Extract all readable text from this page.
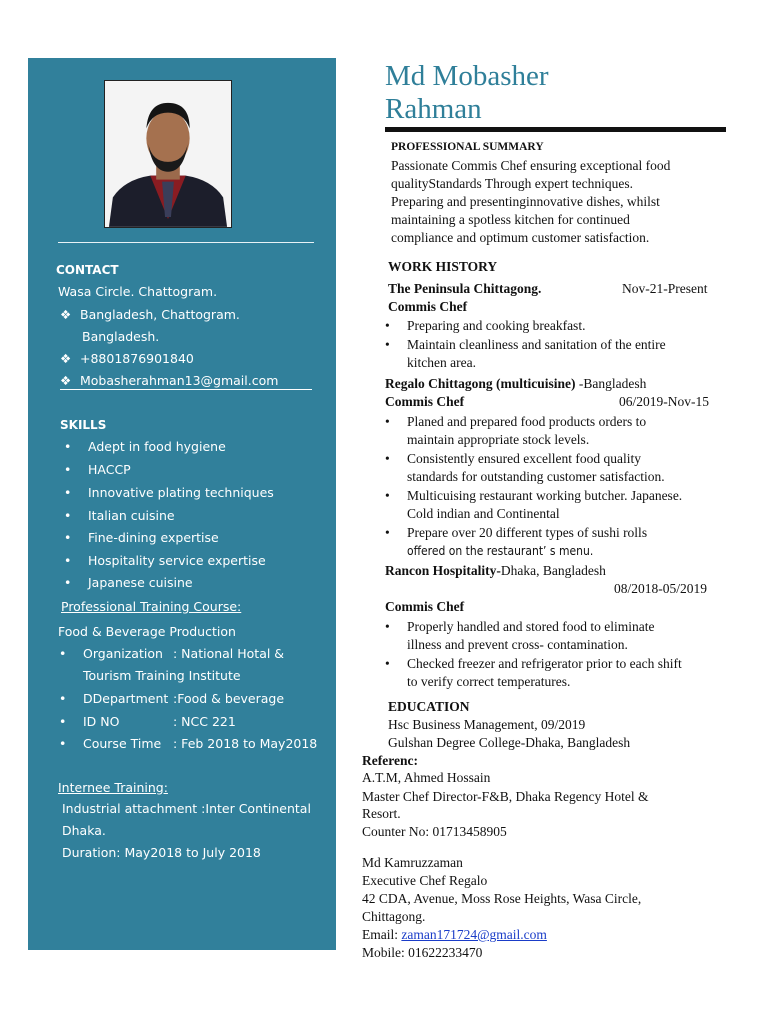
CONTACT
Wasa Circle. Chattogram.
❖ Bangladesh, Chattogram.
Bangladesh.
❖ +8801876901840
❖ Mobasherahman13@gmail.com
SKILLS
• Adept in food hygiene
• HACCP
• Innovative plating techniques
• Italian cuisine
• Fine-dining expertise
• Hospitality service expertise
• Japanese cuisine
Professional Training Course:
Food & Beverage Production
• Organization : National Hotal &
Tourism Training Institute
• DDepartment :Food & beverage
• ID NO	: NCC 221
• Course Time : Feb 2018 to May2018
Internee Training:
Industrial attachment :Inter Continental
Dhaka.
Duration: May2018 to July 2018
Md Mobasher
Rahman
PROFESSIONAL SUMMARY
Passionate Commis Chef ensuring exceptional food
qualityStandards Through expert techniques.
Preparing and presentinginnovative dishes, whilst
maintaining a spotless kitchen for continued
compliance and optimum customer satisfaction.
WORK HISTORY
The Peninsula Chittagong.	Nov-21-Present
Commis Chef
• Preparing and cooking breakfast.
• Maintain cleanliness and sanitation of the entire
kitchen area.
Regalo Chittagong (multicuisine) -Bangladesh
Commis Chef	06/2019-Nov-15
• Planed and prepared food products orders to
maintain appropriate stock levels.
• Consistently ensured excellent food quality
standards for outstanding customer satisfaction.
• Multicuising restaurant working butcher. Japanese.
Cold indian and Continental
• Prepare over 20 different types of sushi rolls
offered on the restaurant’ s menu.
Rancon Hospitality-Dhaka, Bangladesh
08/2018-05/2019
Commis Chef
• Properly handled and stored food to eliminate
illness and prevent cross- contamination.
• Checked freezer and refrigerator prior to each shift
to verify correct temperatures.
EDUCATION
Hsc Business Management, 09/2019
Gulshan Degree College-Dhaka, Bangladesh
Referenc:
A.T.M, Ahmed Hossain
Master Chef Director-F&B, Dhaka Regency Hotel &
Resort.
Counter No: 01713458905
Md Kamruzzaman
Executive Chef Regalo
42 CDA, Avenue, Moss Rose Heights, Wasa Circle,
Chittagong.
Email: zaman171724@gmail.com
Mobile: 01622233470
